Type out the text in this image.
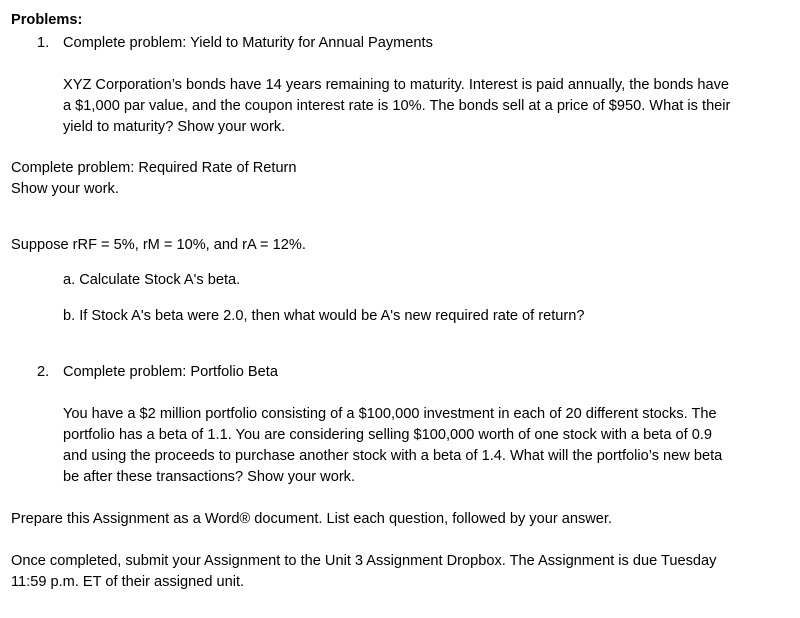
Problems:
1. Complete problem: Yield to Maturity for Annual Payments
XYZ Corporation’s bonds have 14 years remaining to maturity. Interest is paid annually, the bonds have
a $1,000 par value, and the coupon interest rate is 10%. The bonds sell at a price of $950. What is their
yield to maturity? Show your work.
Complete problem: Required Rate of Return
Show your work.
Suppose rRF = 5%, rM = 10%, and rA = 12%.
a. Calculate Stock A's beta.
b. If Stock A's beta were 2.0, then what would be A's new required rate of return?
2. Complete problem: Portfolio Beta
You have a $2 million portfolio consisting of a $100,000 investment in each of 20 different stocks. The
portfolio has a beta of 1.1. You are considering selling $100,000 worth of one stock with a beta of 0.9
and using the proceeds to purchase another stock with a beta of 1.4. What will the portfolio’s new beta
be after these transactions? Show your work.
Prepare this Assignment as a Word® document. List each question, followed by your answer.
Once completed, submit your Assignment to the Unit 3 Assignment Dropbox. The Assignment is due Tuesday
11:59 p.m. ET of their assigned unit.
